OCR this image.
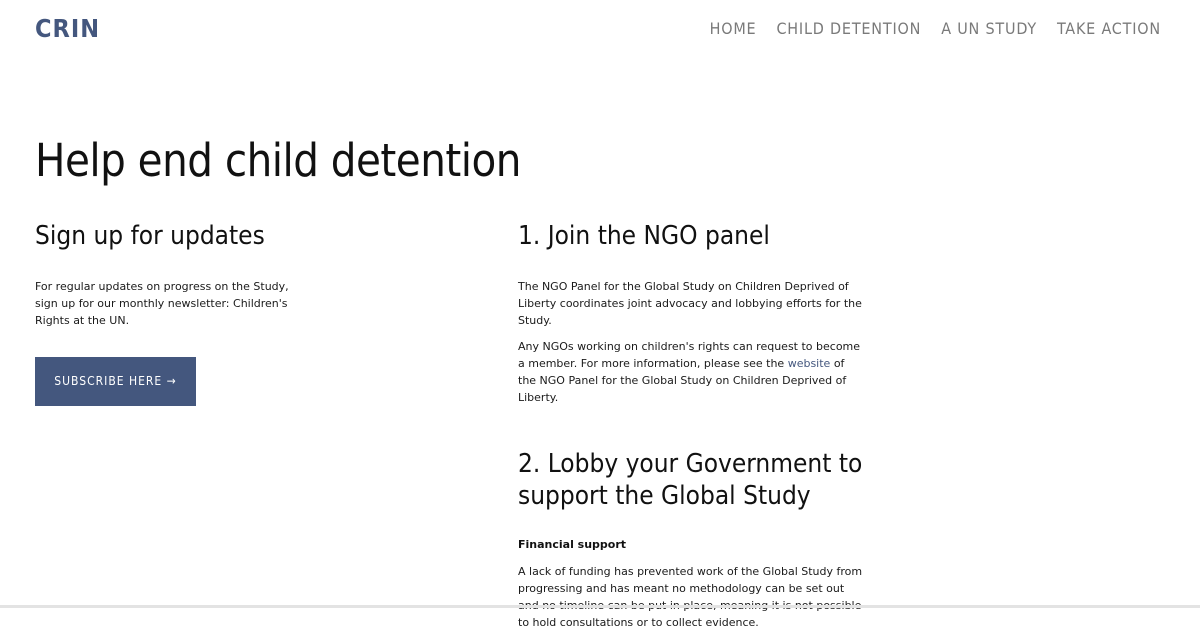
CRIN	HOME CHILD DETENTION A UN STUDY TAKE ACTION
Help end child detention
Sign up for updates

For regular updates on progress on the Study, sign up for our monthly newsletter: Children's Rights at the UN.

SUBSCRIBE HERE →
1. Join the NGO panel

The NGO Panel for the Global Study on Children Deprived of Liberty coordinates joint advocacy and lobbying efforts for the Study.

Any NGOs working on children's rights can request to become a member. For more information, please see the website of the NGO Panel for the Global Study on Children Deprived of Liberty.

2. Lobby your Government to support the Global Study

Financial support

A lack of funding has prevented work of the Global Study from progressing and has meant no methodology can be set out to hold consultations or to collect evidence.
